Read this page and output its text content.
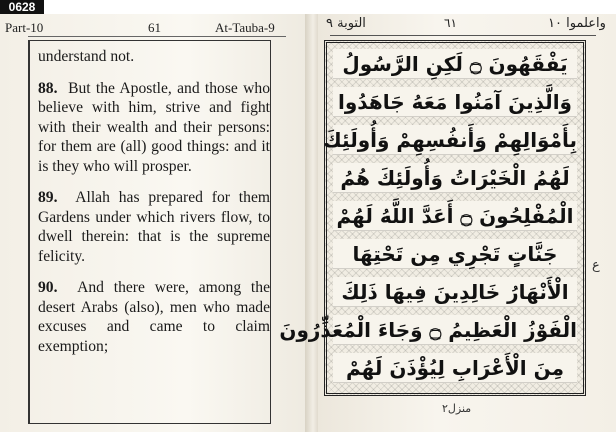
0628
Part-10	61	At-Tauba-9

understand not.

88. But the Apostle, and those who believe with him, strive and fight with their wealth and their persons: for them are (all) good things: and it is they who will prosper.

89. Allah has prepared for them Gardens under which rivers flow, to dwell therein: that is the supreme felicity.

90. And there were, among the desert Arabs (also), men who made excuses and came to claim exemption;

التوبة ٩	٦١	واعلموا ١٠
يَفْقَهُونَ ۝ لَكِنِ الرَّسُولُ
وَالَّذِينَ آمَنُوا مَعَهُ جَاهَدُوا
بِأَمْوَالِهِمْ وَأَنفُسِهِمْ وَأُولَئِكَ
لَهُمُ الْخَيْرَاتُ وَأُولَئِكَ هُمُ
الْمُفْلِحُونَ ۝ أَعَدَّ اللَّهُ لَهُمْ
جَنَّاتٍ تَجْرِي مِن تَحْتِهَا
الْأَنْهَارُ خَالِدِينَ فِيهَا ذَلِكَ
الْفَوْزُ الْعَظِيمُ ۝ وَجَاءَ الْمُعَذِّرُونَ
مِنَ الْأَعْرَابِ لِيُؤْذَنَ لَهُمْ
ع
منزل٢
